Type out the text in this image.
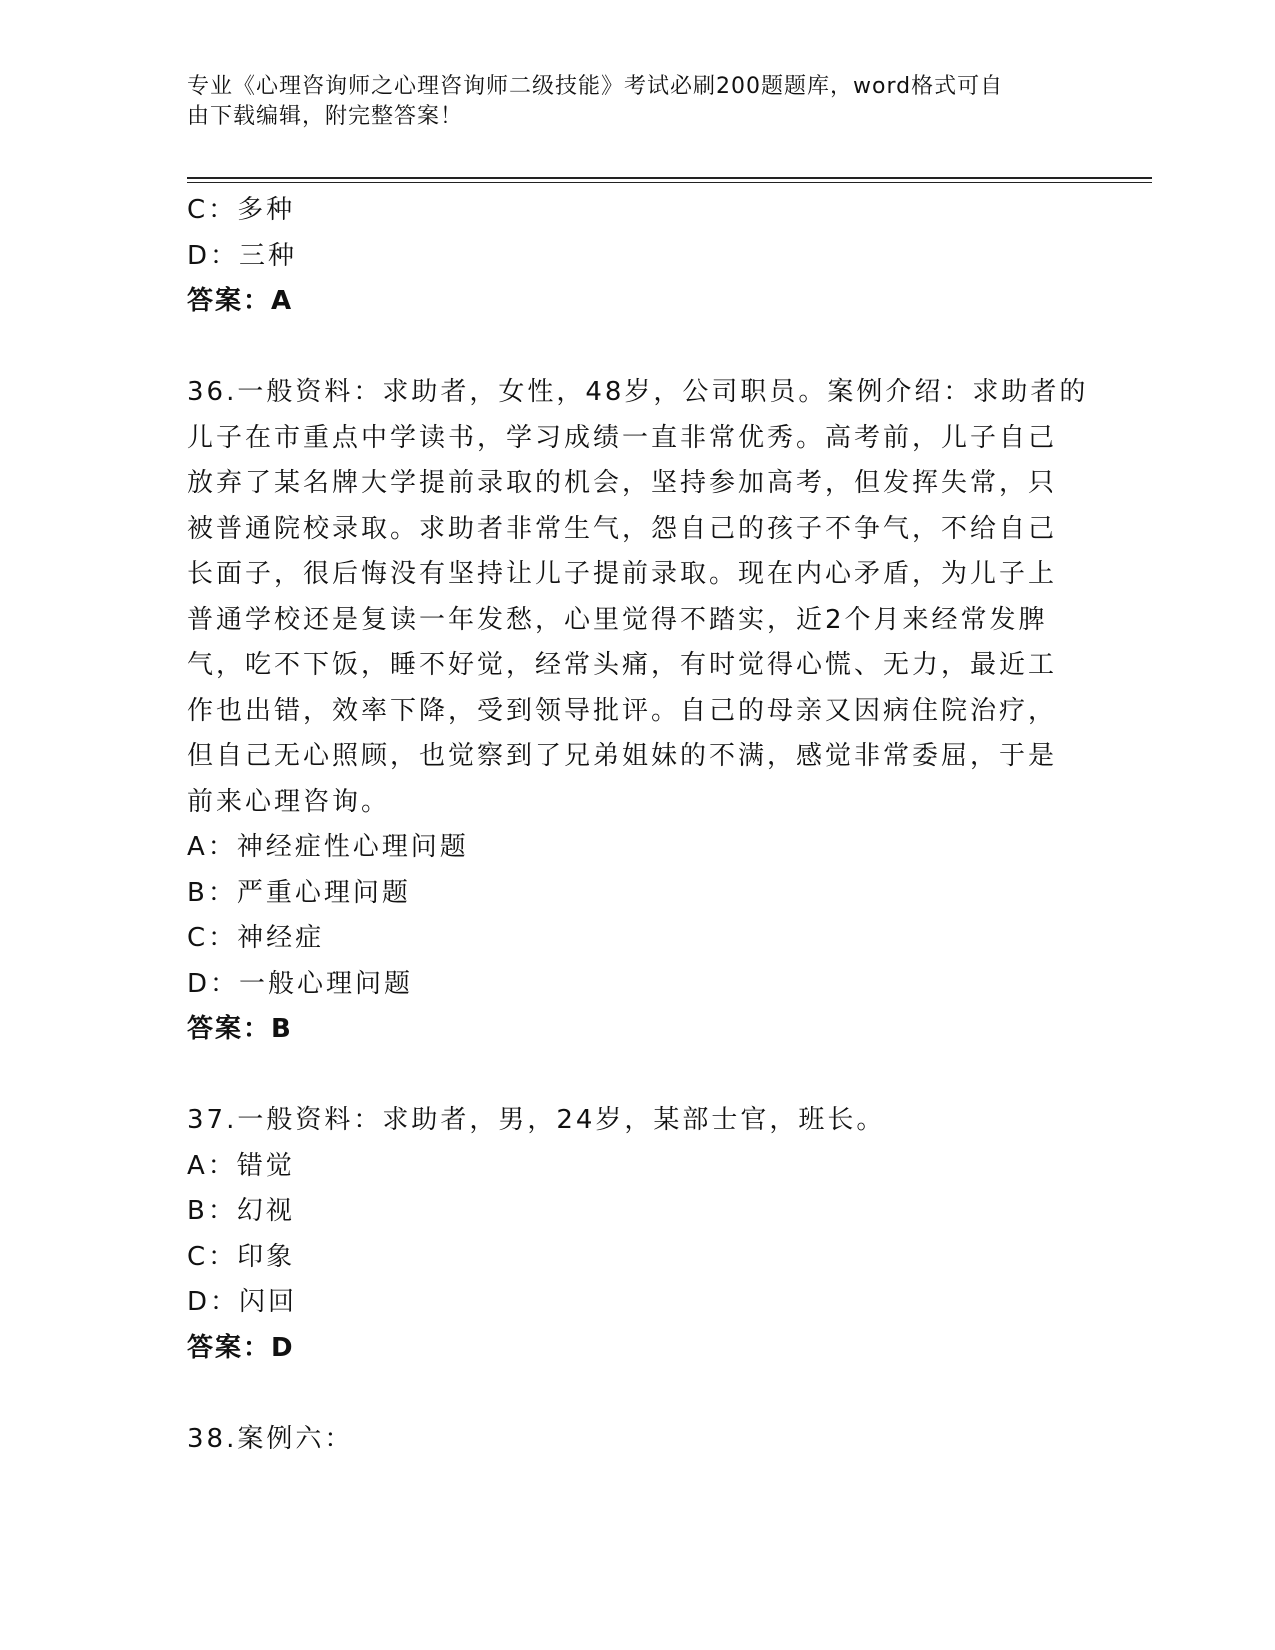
专业《心理咨询师之心理咨询师二级技能》考试必刷200题题库，word格式可自
由下载编辑，附完整答案！
C：多种
D：三种
答案：A
36.一般资料：求助者，女性，48岁，公司职员。案例介绍：求助者的
儿子在市重点中学读书，学习成绩一直非常优秀。高考前，儿子自己
放弃了某名牌大学提前录取的机会，坚持参加高考，但发挥失常，只
被普通院校录取。求助者非常生气，怨自己的孩子不争气，不给自己
长面子，很后悔没有坚持让儿子提前录取。现在内心矛盾，为儿子上
普通学校还是复读一年发愁，心里觉得不踏实，近2个月来经常发脾
气，吃不下饭，睡不好觉，经常头痛，有时觉得心慌、无力，最近工
作也出错，效率下降，受到领导批评。自己的母亲又因病住院治疗，
但自己无心照顾，也觉察到了兄弟姐妹的不满，感觉非常委屈，于是
前来心理咨询。
A：神经症性心理问题
B：严重心理问题
C：神经症
D：一般心理问题
答案：B
37.一般资料：求助者，男，24岁，某部士官，班长。
A：错觉
B：幻视
C：印象
D：闪回
答案：D
38.案例六：
